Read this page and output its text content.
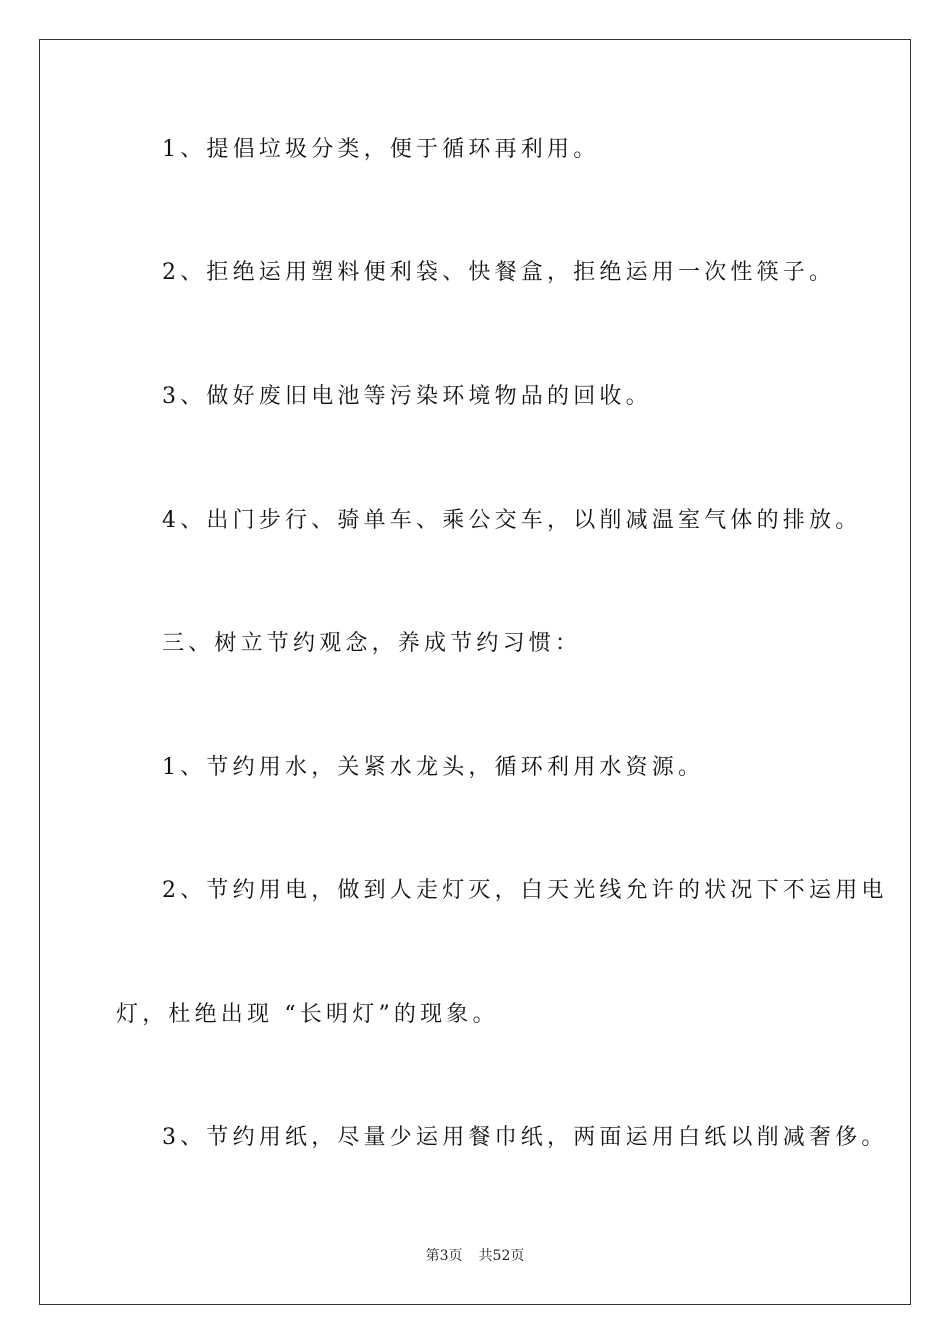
1、提倡垃圾分类，便于循环再利用。
2、拒绝运用塑料便利袋、快餐盒，拒绝运用一次性筷子。
3、做好废旧电池等污染环境物品的回收。
4、出门步行、骑单车、乘公交车，以削减温室气体的排放。
三、树立节约观念，养成节约习惯：
1、节约用水，关紧水龙头，循环利用水资源。
2、节约用电，做到人走灯灭，白天光线允许的状况下不运用电
灯，杜绝出现 “长明灯”的现象。
3、节约用纸，尽量少运用餐巾纸，两面运用白纸以削减奢侈。
第3页 共52页
